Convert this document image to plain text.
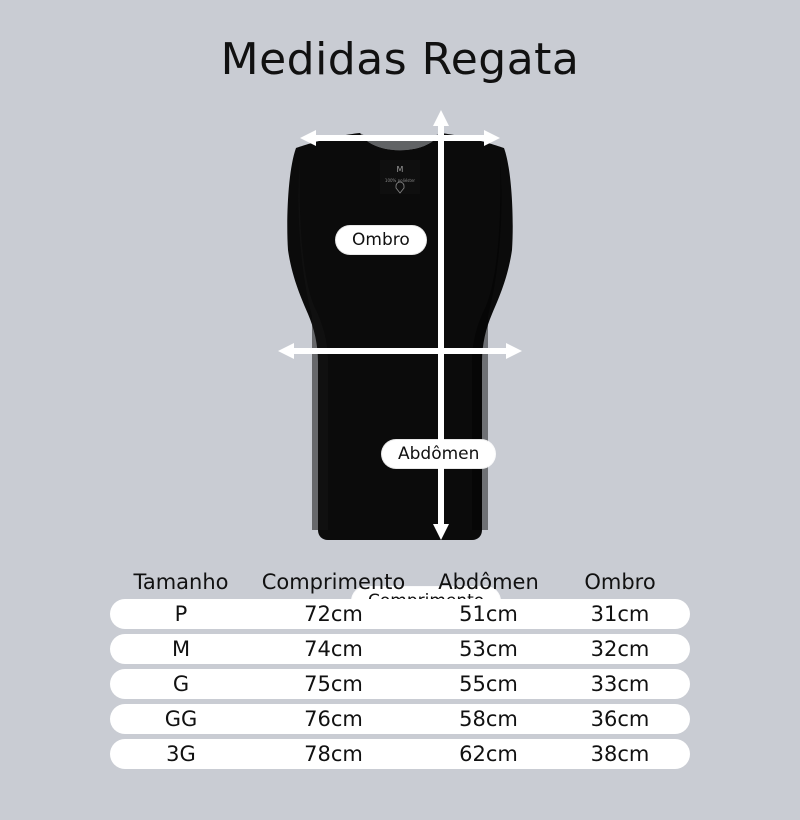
Medidas Regata
M
100% poliéster
Ombro
Abdômen
Tamanho	Comprimento	Abdômen	Ombro
P	72cm	51cm	31cm
M	74cm	53cm	32cm
G	75cm	55cm	33cm
GG	76cm	58cm	36cm
3G	78cm	62cm	38cm
